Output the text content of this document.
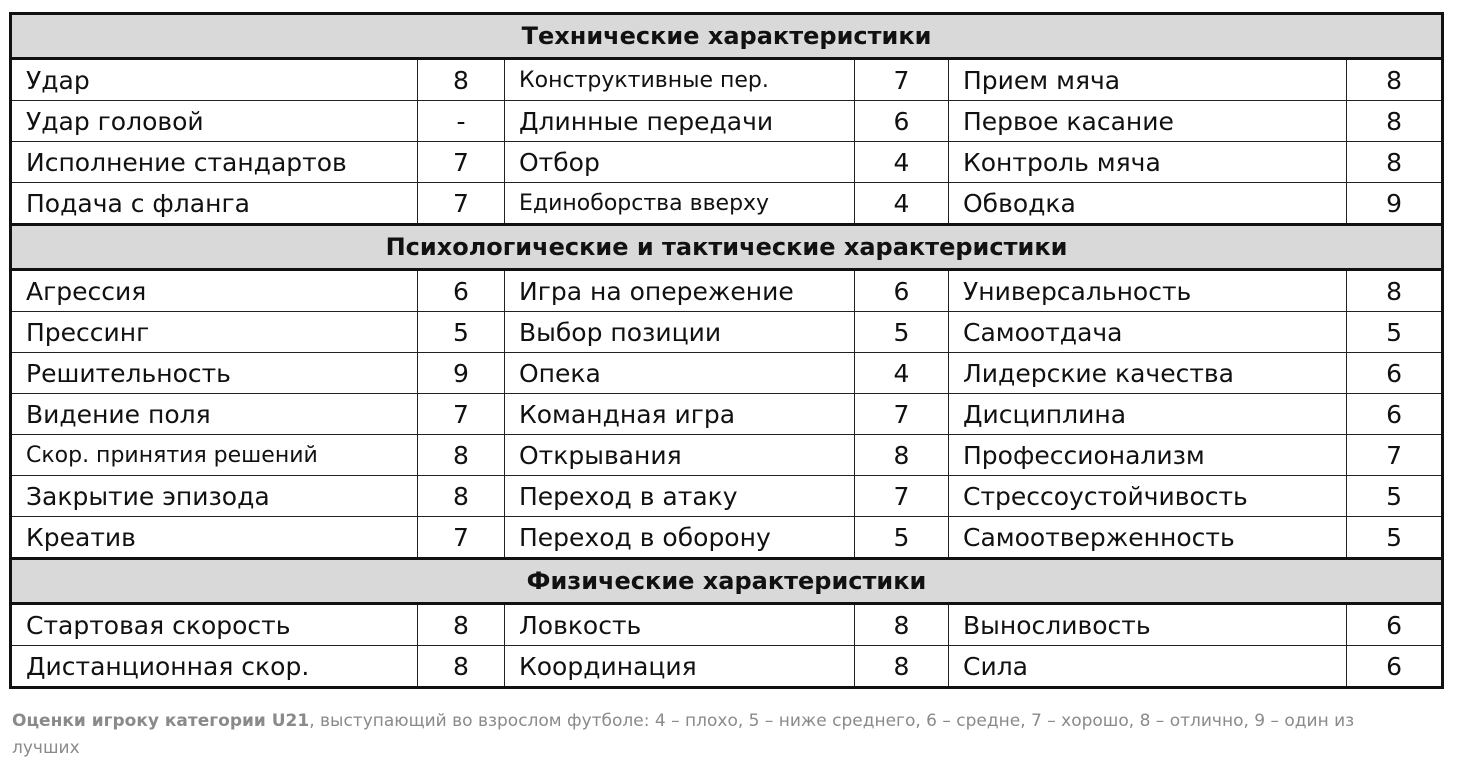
Технические характеристики					
Удар	8	Конструктивные пер.	7	Прием мяча	8
Удар головой	-	Длинные передачи	6	Первое касание	8
Исполнение стандартов	7	Отбор	4	Контроль мяча	8
Подача с фланга	7	Единоборства вверху	4	Обводка	9
Психологические и тактические характеристики					
Агрессия	6	Игра на опережение	6	Универсальность	8
Прессинг	5	Выбор позиции	5	Самоотдача	5
Решительность	9	Опека	4	Лидерские качества	6
Видение поля	7	Командная игра	7	Дисциплина	6
Скор. принятия решений	8	Открывания	8	Профессионализм	7
Закрытие эпизода	8	Переход в атаку	7	Стрессоустойчивость	5
Креатив	7	Переход в оборону	5	Самоотверженность	5
Физические характеристики					
Стартовая скорость	8	Ловкость	8	Выносливость	6
Дистанционная скор.	8	Координация	8	Сила	6
Оценки игроку категории U21, выступающий во взрослом футболе: 4 – плохо, 5 – ниже среднего, 6 – средне, 7 – хорошо, 8 – отлично, 9 – один из лучших
